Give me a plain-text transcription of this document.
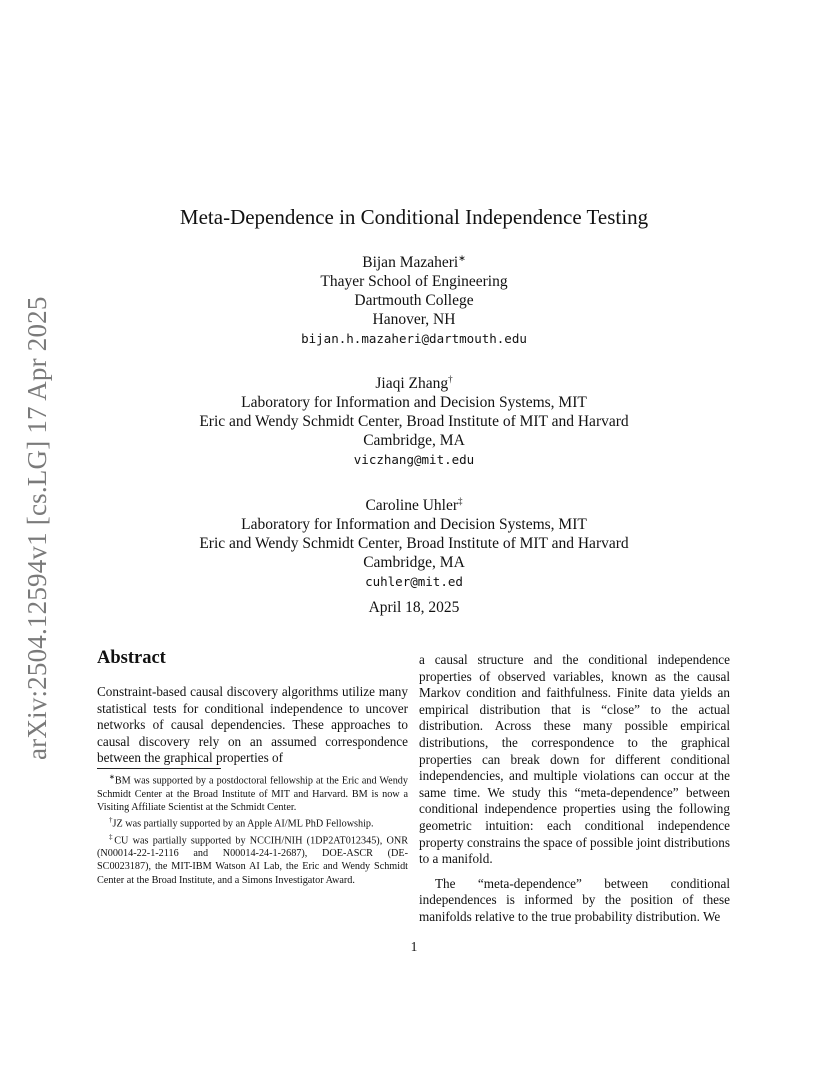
arXiv:2504.12594v1 [cs.LG] 17 Apr 2025
Meta-Dependence in Conditional Independence Testing
Bijan Mazaheri∗
Thayer School of Engineering
Dartmouth College
Hanover, NH
bijan.h.mazaheri@dartmouth.edu
Jiaqi Zhang†
Laboratory for Information and Decision Systems, MIT
Eric and Wendy Schmidt Center, Broad Institute of MIT and Harvard
Cambridge, MA
viczhang@mit.edu
Caroline Uhler‡
Laboratory for Information and Decision Systems, MIT
Eric and Wendy Schmidt Center, Broad Institute of MIT and Harvard
Cambridge, MA
cuhler@mit.ed
April 18, 2025
Abstract
Constraint-based causal discovery algorithms utilize many statistical tests for conditional independence to uncover networks of causal dependencies. These approaches to causal discovery rely on an assumed correspondence between the graphical properties of

∗BM was supported by a postdoctoral fellowship at the Eric and Wendy Schmidt Center at the Broad Institute of MIT and Harvard. BM is now a Visiting Affiliate Scientist at the Schmidt Center.

†JZ was partially supported by an Apple AI/ML PhD Fellowship.

‡CU was partially supported by NCCIH/NIH (1DP2AT012345), ONR (N00014-22-1-2116 and N00014-24-1-2687), DOE-ASCR (DE-SC0023187), the MIT-IBM Watson AI Lab, the Eric and Wendy Schmidt Center at the Broad Institute, and a Simons Investigator Award.

a causal structure and the conditional independence properties of observed variables, known as the causal Markov condition and faithfulness. Finite data yields an empirical distribution that is “close” to the actual distribution. Across these many possible empirical distributions, the correspondence to the graphical properties can break down for different conditional independencies, and multiple violations can occur at the same time. We study this “meta-dependence” between conditional independence properties using the following geometric intuition: each conditional independence property constrains the space of possible joint distributions to a manifold.

The “meta-dependence” between conditional independences is informed by the position of these manifolds relative to the true probability distribution. We

1
